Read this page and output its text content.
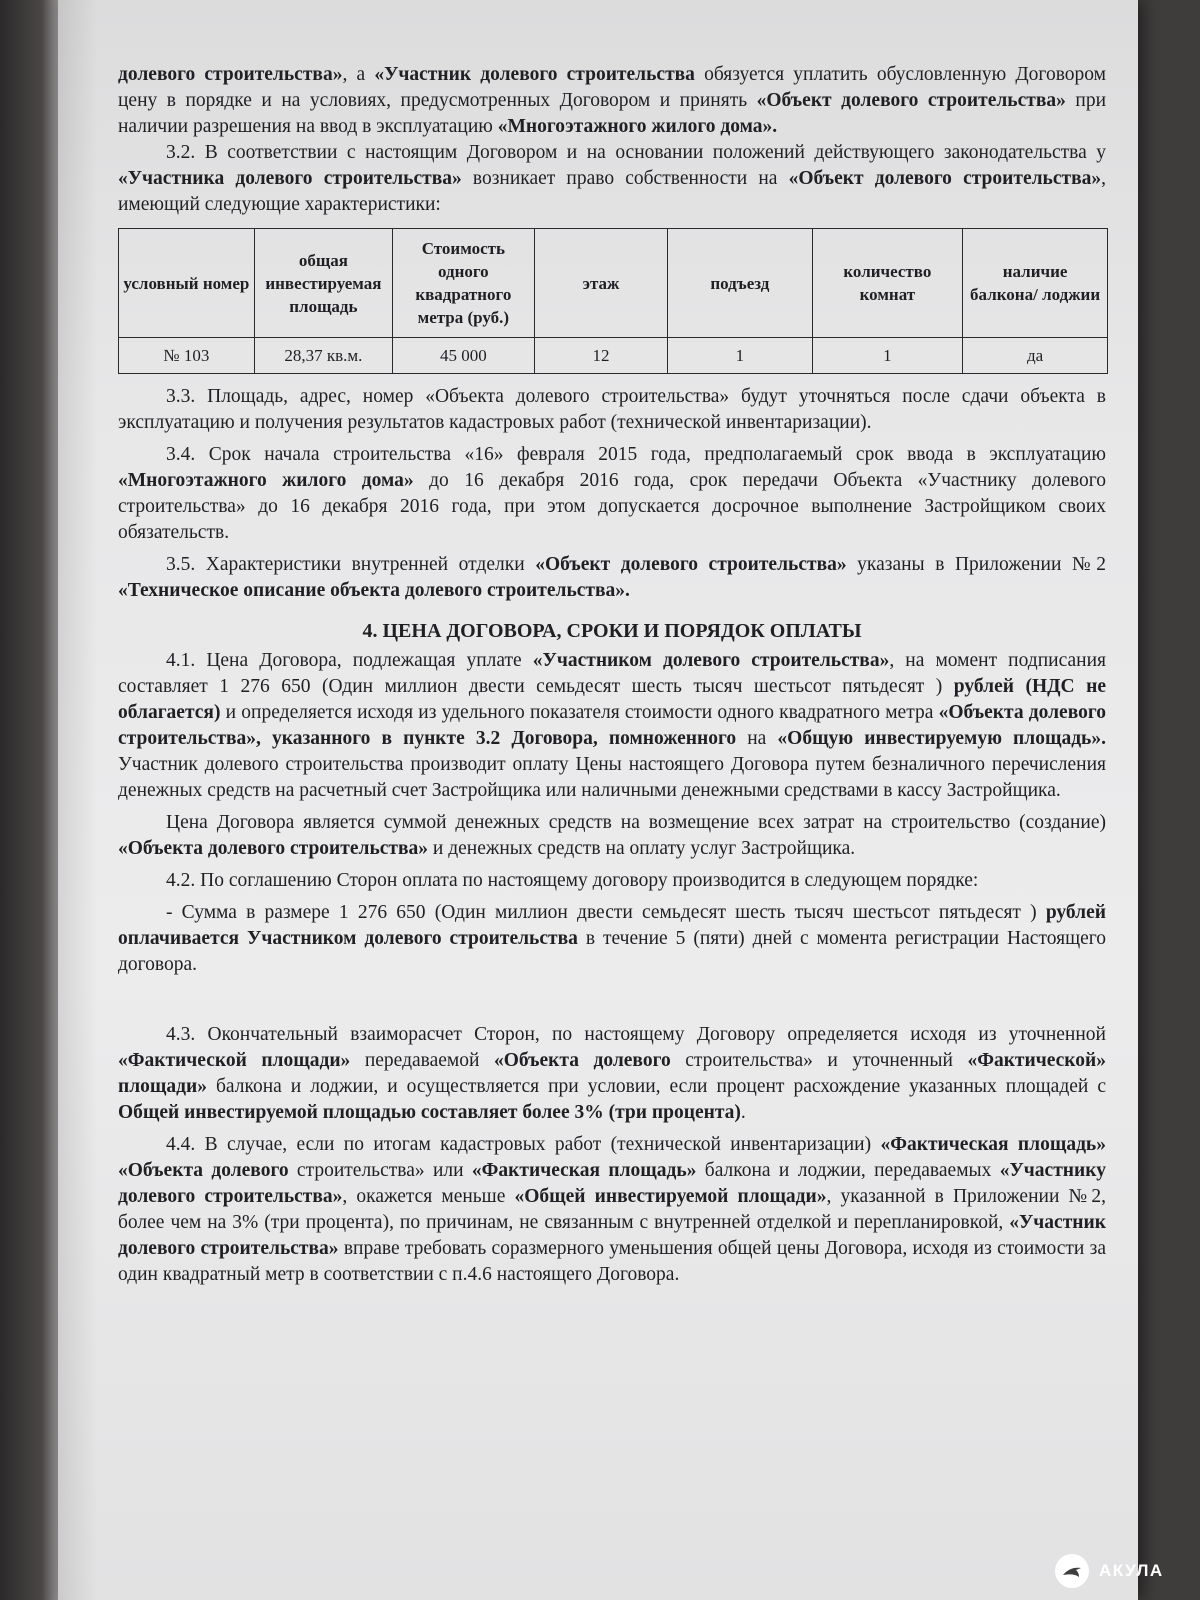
долевого строительства», а «Участник долевого строительства обязуется уплатить обусловленную Договором цену в порядке и на условиях, предусмотренных Договором и принять «Объект долевого строительства» при наличии разрешения на ввод в эксплуатацию «Многоэтажного жилого дома».

3.2. В соответствии с настоящим Договором и на основании положений действующего законодательства у «Участника долевого строительства» возникает право собственности на «Объект долевого строительства», имеющий следующие характеристики:

условный номер	общая инвестируемая площадь	Стоимость одного квадратного метра (руб.)	этаж	подъезд	количество комнат	наличие балкона/ лоджии
№ 103	28,37 кв.м.	45 000	12	1	1	да

3.3. Площадь, адрес, номер «Объекта долевого строительства» будут уточняться после сдачи объекта в эксплуатацию и получения результатов кадастровых работ (технической инвентаризации).

3.4. Срок начала строительства «16» февраля 2015 года, предполагаемый срок ввода в эксплуатацию «Многоэтажного жилого дома» до 16 декабря 2016 года, срок передачи Объекта «Участнику долевого строительства» до 16 декабря 2016 года, при этом допускается досрочное выполнение Застройщиком своих обязательств.

3.5. Характеристики внутренней отделки «Объект долевого строительства» указаны в Приложении №2 «Техническое описание объекта долевого строительства».

4. ЦЕНА ДОГОВОРА, СРОКИ И ПОРЯДОК ОПЛАТЫ

4.1. Цена Договора, подлежащая уплате «Участником долевого строительства», на момент подписания составляет 1 276 650 (Один миллион двести семьдесят шесть тысяч шестьсот пятьдесят ) рублей (НДС не облагается) и определяется исходя из удельного показателя стоимости одного квадратного метра «Объекта долевого строительства», указанного в пункте 3.2 Договора, помноженного на «Общую инвестируемую площадь». Участник долевого строительства производит оплату Цены настоящего Договора путем безналичного перечисления денежных средств на расчетный счет Застройщика или наличными денежными средствами в кассу Застройщика.

Цена Договора является суммой денежных средств на возмещение всех затрат на строительство (создание) «Объекта долевого строительства» и денежных средств на оплату услуг Застройщика.

4.2. По соглашению Сторон оплата по настоящему договору производится в следующем порядке:

- Сумма в размере 1 276 650 (Один миллион двести семьдесят шесть тысяч шестьсот пятьдесят ) рублей оплачивается Участником долевого строительства в течение 5 (пяти) дней с момента регистрации Настоящего договора.

4.3. Окончательный взаиморасчет Сторон, по настоящему Договору определяется исходя из уточненной «Фактической площади» передаваемой «Объекта долевого строительства» и уточненный «Фактической» площади» балкона и лоджии, и осуществляется при условии, если процент расхождение указанных площадей с Общей инвестируемой площадью составляет более 3% (три процента).

4.4. В случае, если по итогам кадастровых работ (технической инвентаризации) «Фактическая площадь» «Объекта долевого строительства» или «Фактическая площадь» балкона и лоджии, передаваемых «Участнику долевого строительства», окажется меньше «Общей инвестируемой площади», указанной в Приложении №2, более чем на 3% (три процента), по причинам, не связанным с внутренней отделкой и перепланировкой, «Участник долевого строительства» вправе требовать соразмерного уменьшения общей цены Договора, исходя из стоимости за один квадратный метр в соответствии с п.4.6 настоящего Договора.

АКУЛА
